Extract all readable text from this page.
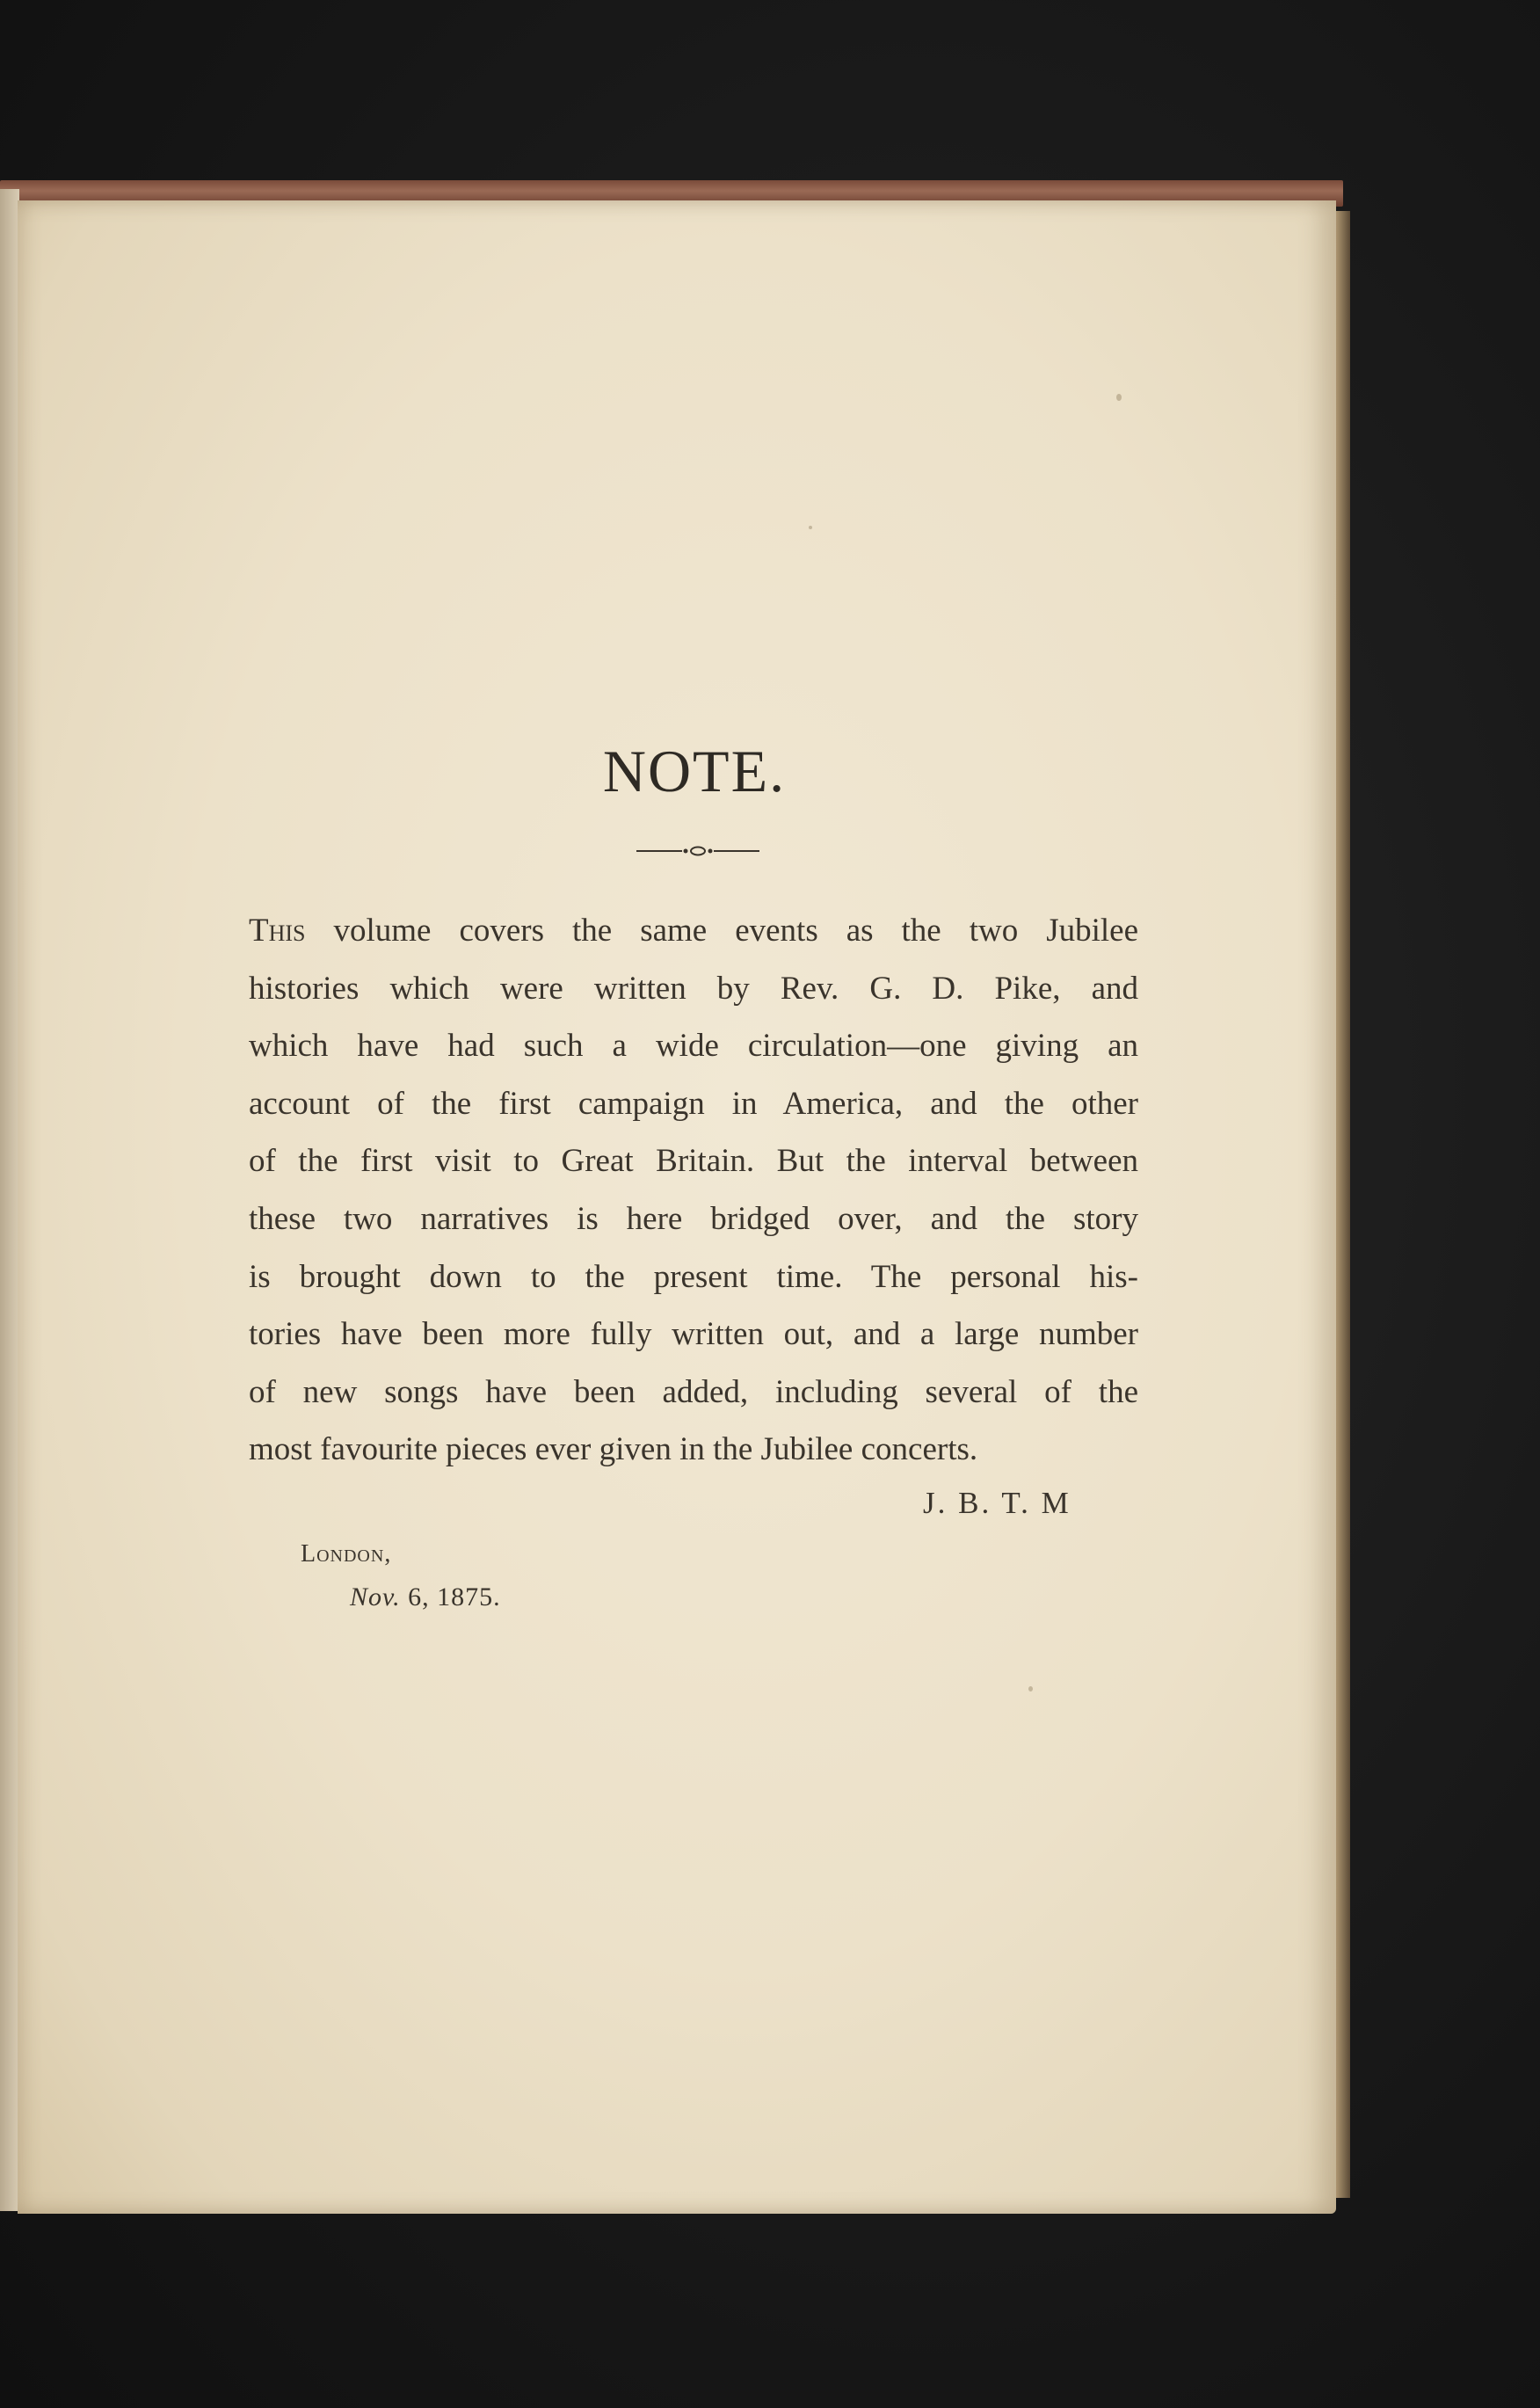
NOTE.
This volume covers the same events as the two Jubilee
histories which were written by Rev. G. D. Pike, and
which have had such a wide circulation—one giving an
account of the first campaign in America, and the other
of the first visit to Great Britain. But the interval between
these two narratives is here bridged over, and the story
is brought down to the present time. The personal his-
tories have been more fully written out, and a large number
of new songs have been added, including several of the
most favourite pieces ever given in the Jubilee concerts.
J. B. T. M
London,
Nov. 6, 1875.
